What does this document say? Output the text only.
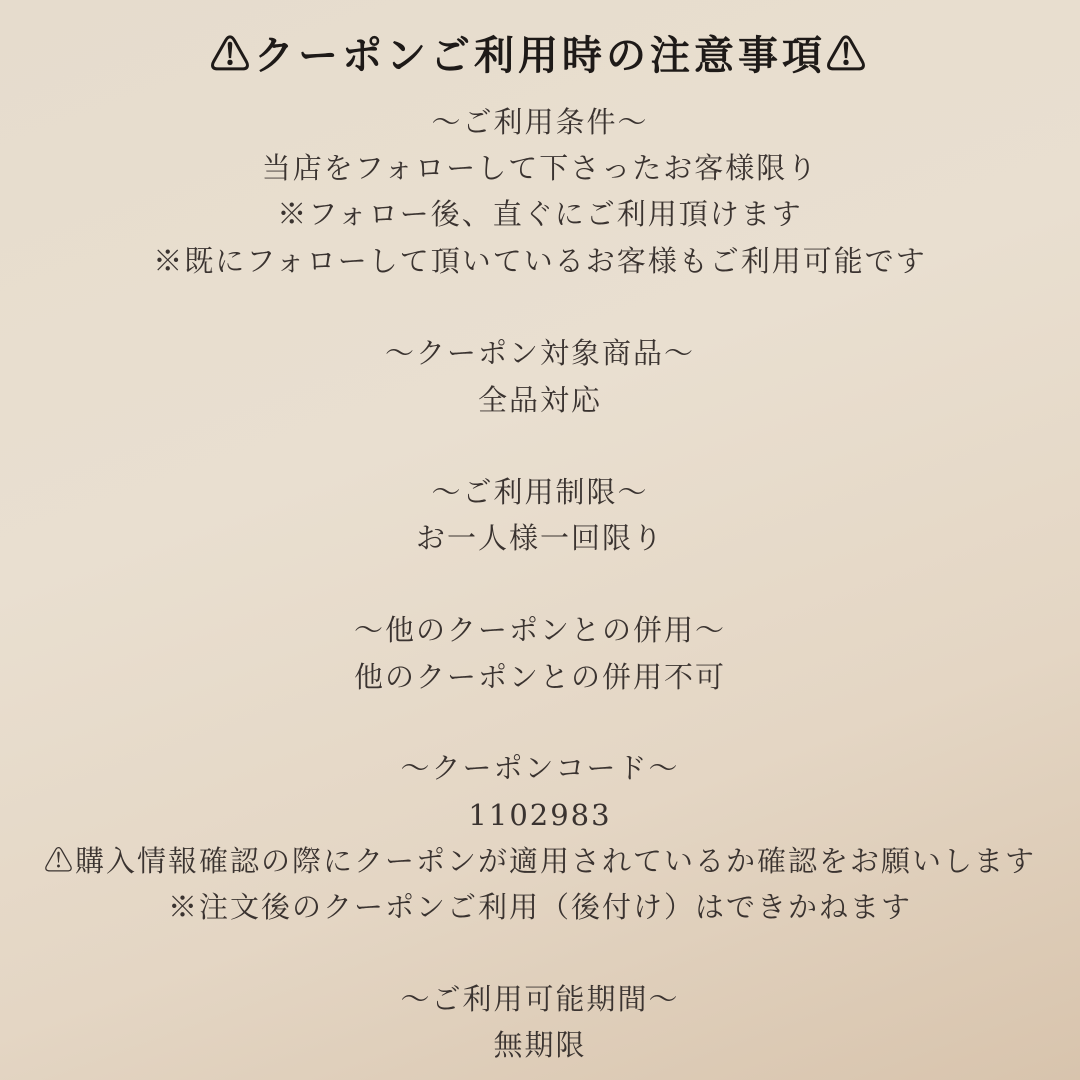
⚠クーポンご利用時の注意事項⚠
〜ご利用条件〜
当店をフォローして下さったお客様限り
※フォロー後、直ぐにご利用頂けます
※既にフォローして頂いているお客様もご利用可能です
〜クーポン対象商品〜
全品対応
〜ご利用制限〜
お一人様一回限り
〜他のクーポンとの併用〜
他のクーポンとの併用不可
〜クーポンコード〜
1102983
⚠購入情報確認の際にクーポンが適用されているか確認をお願いします
※注文後のクーポンご利用（後付け）はできかねます
〜ご利用可能期間〜
無期限
